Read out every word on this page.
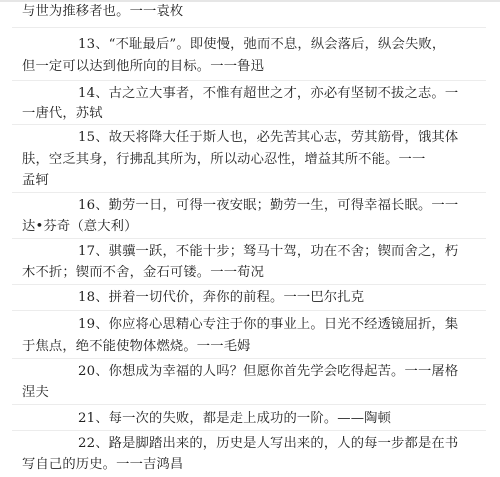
与世为推移者也。一一袁枚
13、“不耻最后”。即使慢，弛而不息，纵会落后，纵会失败，
但一定可以达到他所向的目标。一一鲁迅
14、古之立大事者，不惟有超世之才，亦必有坚韧不拔之志。一
一唐代，苏轼
15、故天将降大任于斯人也，必先苦其心志，劳其筋骨，饿其体
肤，空乏其身，行拂乱其所为，所以动心忍性，增益其所不能。一一
孟轲
16、勤劳一日，可得一夜安眠；勤劳一生，可得幸福长眠。一一
达•芬奇（意大利）
17、骐骥一跃，不能十步；驽马十驾，功在不舍；锲而舍之，朽
木不折；锲而不舍，金石可镂。一一荀况
18、拼着一切代价，奔你的前程。一一巴尔扎克
19、你应将心思精心专注于你的事业上。日光不经透镜屈折，集
于焦点，绝不能使物体燃烧。一一毛姆
20、你想成为幸福的人吗？但愿你首先学会吃得起苦。一一屠格
涅夫
21、每一次的失败，都是走上成功的一阶。——陶顿
22、路是脚踏出来的，历史是人写出来的，人的每一步都是在书
写自己的历史。一一吉鸿昌
